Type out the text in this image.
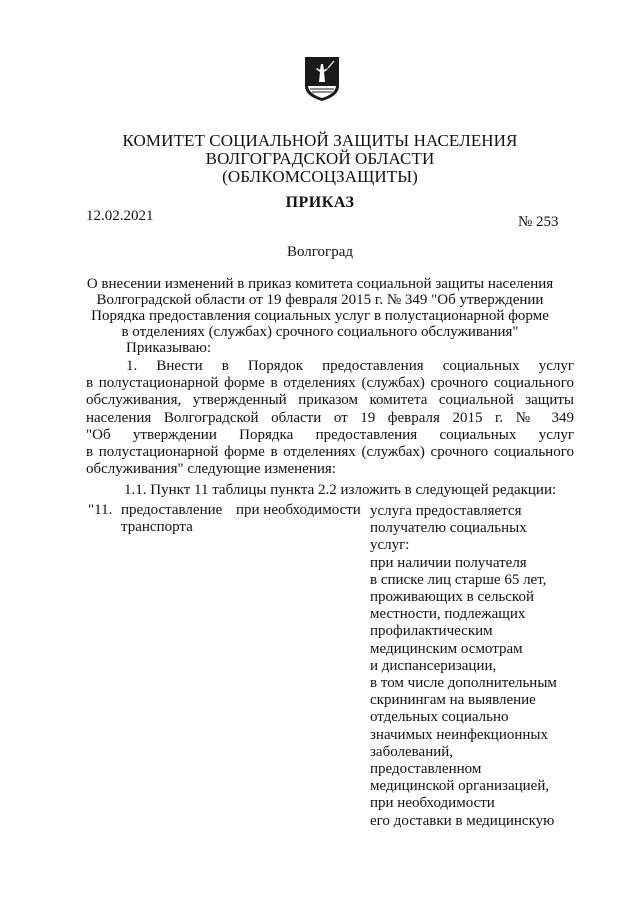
КОМИТЕТ СОЦИАЛЬНОЙ ЗАЩИТЫ НАСЕЛЕНИЯ
ВОЛГОГРАДСКОЙ ОБЛАСТИ
(ОБЛКОМСОЦЗАЩИТЫ)
ПРИКАЗ
12.02.2021	№ 253
Волгоград
О внесении изменений в приказ комитета социальной защиты населения
Волгоградской области от 19 февраля 2015 г. № 349 "Об утверждении
Порядка предоставления социальных услуг в полустационарной форме
в отделениях (службах) срочного социального обслуживания"
Приказываю:
1. Внести в Порядок предоставления социальных услуг
в полустационарной форме в отделениях (службах) срочного социального
обслуживания, утвержденный приказом комитета социальной защиты
населения Волгоградской области от 19 февраля 2015 г. № 349
"Об утверждении Порядка предоставления социальных услуг
в полустационарной форме в отделениях (службах) срочного социального
обслуживания" следующие изменения:
1.1. Пункт 11 таблицы пункта 2.2 изложить в следующей редакции:
"11. предоставление
транспорта
при необходимости услуга предоставляется
получателю социальных
услуг:
при наличии получателя
в списке лиц старше 65 лет,
проживающих в сельской
местности, подлежащих
профилактическим
медицинским осмотрам
и диспансеризации,
в том числе дополнительным
скринингам на выявление
отдельных социально
значимых неинфекционных
заболеваний,
предоставленном
медицинской организацией,
при необходимости
его доставки в медицинскую
